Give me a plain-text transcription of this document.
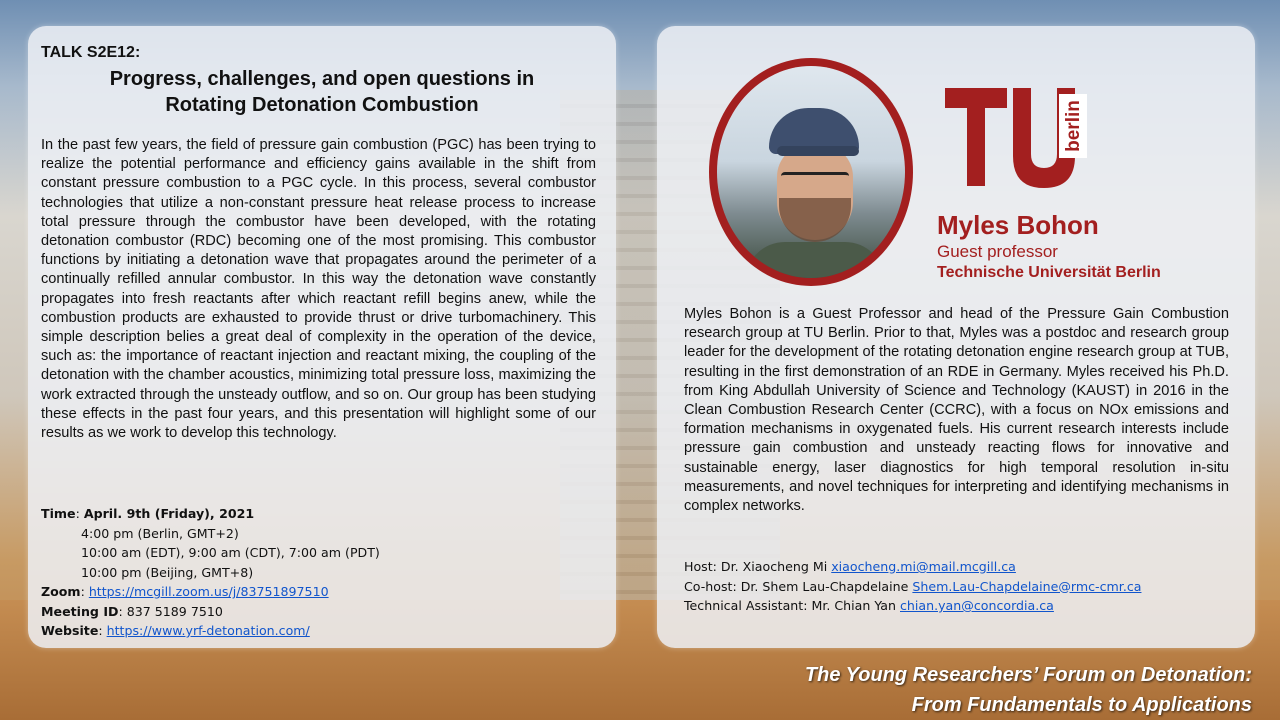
TALK S2E12:
Progress, challenges, and open questions in
Rotating Detonation Combustion
In the past few years, the field of pressure gain combustion (PGC) has been trying to realize the potential performance and efficiency gains available in the shift from constant pressure combustion to a PGC cycle. In this process, several combustor technologies that utilize a non-constant pressure heat release process to increase total pressure through the combustor have been developed, with the rotating detonation combustor (RDC) becoming one of the most promising. This combustor functions by initiating a detonation wave that propagates around the perimeter of a continually refilled annular combustor. In this way the detonation wave constantly propagates into fresh reactants after which reactant refill begins anew, while the combustion products are exhausted to provide thrust or drive turbomachinery. This simple description belies a great deal of complexity in the operation of the device, such as: the importance of reactant injection and reactant mixing, the coupling of the detonation with the chamber acoustics, minimizing total pressure loss, maximizing the work extracted through the unsteady outflow, and so on. Our group has been studying these effects in the past four years, and this presentation will highlight some of our results as we work to develop this technology.
Time: April. 9th (Friday), 2021
4:00 pm (Berlin, GMT+2)
10:00 am (EDT), 9:00 am (CDT), 7:00 am (PDT)
10:00 pm (Beijing, GMT+8)
Zoom: https://mcgill.zoom.us/j/83751897510
Meeting ID: 837 5189 7510
Website: https://www.yrf-detonation.com/
berlin
Myles Bohon
Guest professor
Technische Universität Berlin
Myles Bohon is a Guest Professor and head of the Pressure Gain Combustion research group at TU Berlin. Prior to that, Myles was a postdoc and research group leader for the development of the rotating detonation engine research group at TUB, resulting in the first demonstration of an RDE in Germany. Myles received his Ph.D. from King Abdullah University of Science and Technology (KAUST) in 2016 in the Clean Combustion Research Center (CCRC), with a focus on NOx emissions and formation mechanisms in oxygenated fuels. His current research interests include pressure gain combustion and unsteady reacting flows for innovative and sustainable energy, laser diagnostics for high temporal resolution in-situ measurements, and novel techniques for interpreting and identifying mechanisms in complex networks.
Host: Dr. Xiaocheng Mi xiaocheng.mi@mail.mcgill.ca
Co-host: Dr. Shem Lau-Chapdelaine Shem.Lau-Chapdelaine@rmc-cmr.ca
Technical Assistant: Mr. Chian Yan chian.yan@concordia.ca
The Young Researchers’ Forum on Detonation:
From Fundamentals to Applications
